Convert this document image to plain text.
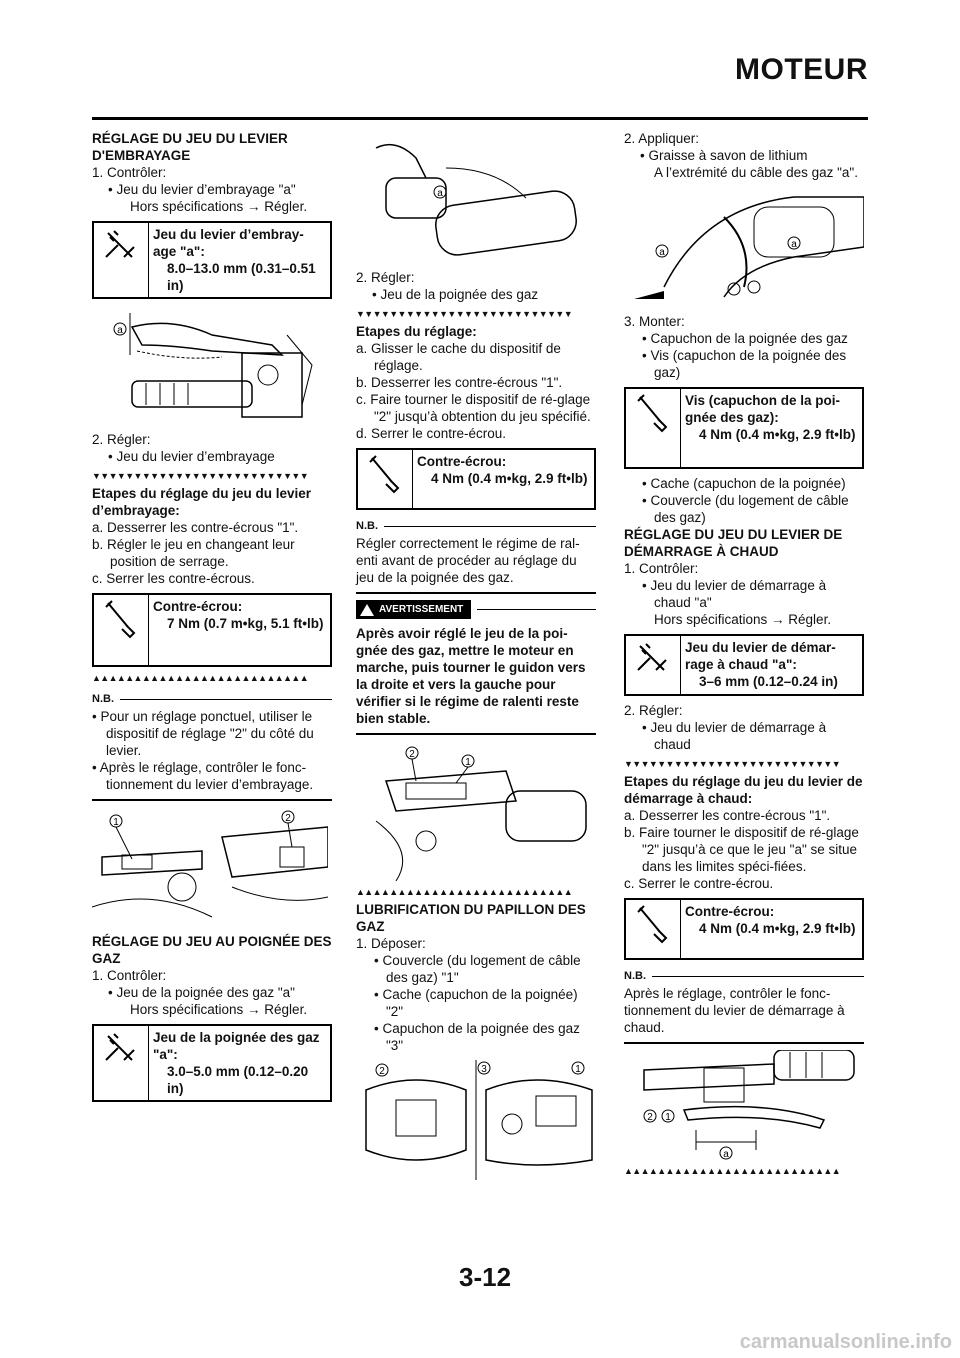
MOTEUR

RÉGLAGE DU JEU DU LEVIER D'EMBRAYAGE

1. Contrôler:

• Jeu du levier d’embrayage "a"

Hors spécifications → Régler.

Jeu du levier d’embray-age "a":
8.0–13.0 mm (0.31–0.51 in)
a

2. Régler:

• Jeu du levier d’embrayage

▼▼▼▼▼▼▼▼▼▼▼▼▼▼▼▼▼▼▼▼▼▼▼▼▼▼

Etapes du réglage du jeu du levier d’embrayage:

a. Desserrer les contre-écrous "1".

b. Régler le jeu en changeant leur position de serrage.

c. Serrer les contre-écrous.

Contre-écrou:
7 Nm (0.7 m•kg, 5.1 ft•lb)
▲▲▲▲▲▲▲▲▲▲▲▲▲▲▲▲▲▲▲▲▲▲▲▲▲▲
N.B.

• Pour un réglage ponctuel, utiliser le dispositif de réglage "2" du côté du levier.

• Après le réglage, contrôler le fonc-tionnement du levier d’embrayage.

1	2

RÉGLAGE DU JEU AU POIGNÉE DES GAZ

1. Contrôler:

• Jeu de la poignée des gaz "a"

Hors spécifications → Régler.

Jeu de la poignée des gaz "a":
3.0–5.0 mm (0.12–0.20 in)
a

2. Régler:

• Jeu de la poignée des gaz

▼▼▼▼▼▼▼▼▼▼▼▼▼▼▼▼▼▼▼▼▼▼▼▼▼▼

Etapes du réglage:

a. Glisser le cache du dispositif de réglage.

b. Desserrer les contre-écrous "1".

c. Faire tourner le dispositif de ré-glage "2" jusqu’à obtention du jeu spécifié.

d. Serrer le contre-écrou.

Contre-écrou:
4 Nm (0.4 m•kg, 2.9 ft•lb)
N.B.

Régler correctement le régime de ral-enti avant de procéder au réglage du jeu de la poignée des gaz.

AVERTISSEMENT

Après avoir réglé le jeu de la poi-gnée des gaz, mettre le moteur en marche, puis tourner le guidon vers la droite et vers la gauche pour vérifier si le régime de ralenti reste bien stable.

2
1
▲▲▲▲▲▲▲▲▲▲▲▲▲▲▲▲▲▲▲▲▲▲▲▲▲▲

LUBRIFICATION DU PAPILLON DES GAZ

1. Déposer:

• Couvercle (du logement de câble des gaz) "1"

• Cache (capuchon de la poignée) "2"

• Capuchon de la poignée des gaz "3"

2	3	1

2. Appliquer:

• Graisse à savon de lithium

A l’extrémité du câble des gaz "a".

a
a

3. Monter:

• Capuchon de la poignée des gaz

• Vis (capuchon de la poignée des gaz)

Vis (capuchon de la poi-gnée des gaz):
4 Nm (0.4 m•kg, 2.9 ft•lb)

• Cache (capuchon de la poignée)

• Couvercle (du logement de câble des gaz)

RÉGLAGE DU JEU DU LEVIER DE DÉMARRAGE À CHAUD

1. Contrôler:

• Jeu du levier de démarrage à chaud "a"

Hors spécifications → Régler.

Jeu du levier de démar-rage à chaud "a":
3–6 mm (0.12–0.24 in)

2. Régler:

• Jeu du levier de démarrage à chaud

▼▼▼▼▼▼▼▼▼▼▼▼▼▼▼▼▼▼▼▼▼▼▼▼▼▼

Etapes du réglage du jeu du levier de démarrage à chaud:

a. Desserrer les contre-écrous "1".

b. Faire tourner le dispositif de ré-glage "2" jusqu’à ce que le jeu "a" se situe dans les limites spéci-fiées.

c. Serrer le contre-écrou.

Contre-écrou:
4 Nm (0.4 m•kg, 2.9 ft•lb)
N.B.

Après le réglage, contrôler le fonc-tionnement du levier de démarrage à chaud.

2 1
a
▲▲▲▲▲▲▲▲▲▲▲▲▲▲▲▲▲▲▲▲▲▲▲▲▲▲
3-12
carmanualsonline.info
